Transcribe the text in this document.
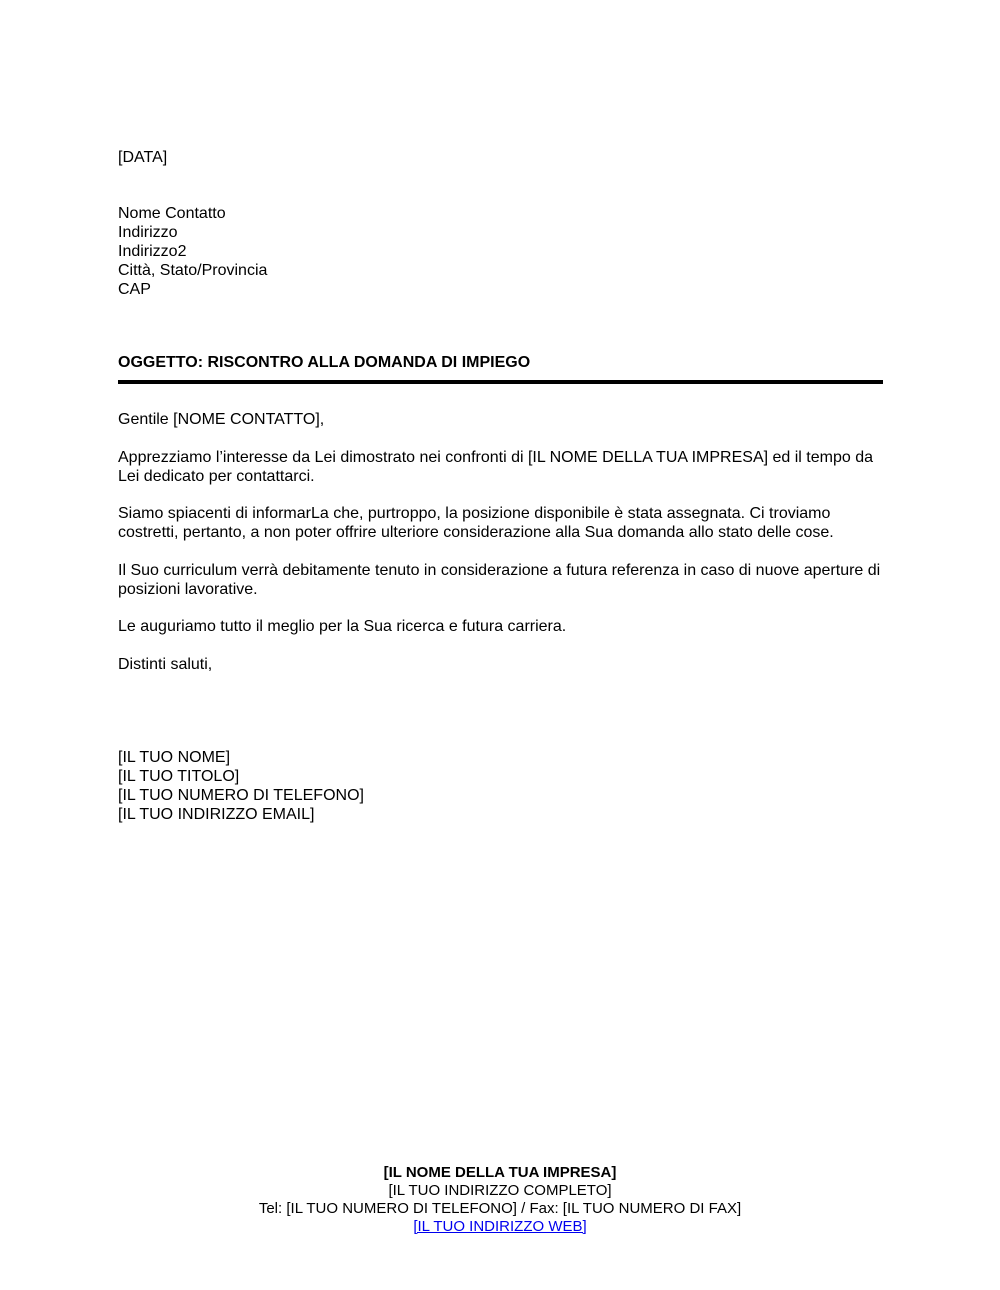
[DATA]
Nome Contatto
Indirizzo
Indirizzo2
Città, Stato/Provincia
CAP
OGGETTO: RISCONTRO ALLA DOMANDA DI IMPIEGO
Gentile [NOME CONTATTO],
Apprezziamo l’interesse da Lei dimostrato nei confronti di [IL NOME DELLA TUA IMPRESA] ed il tempo da Lei dedicato per contattarci.
Siamo spiacenti di informarLa che, purtroppo, la posizione disponibile è stata assegnata. Ci troviamo costretti, pertanto, a non poter offrire ulteriore considerazione alla Sua domanda allo stato delle cose.
Il Suo curriculum verrà debitamente tenuto in considerazione a futura referenza in caso di nuove aperture di posizioni lavorative.
Le auguriamo tutto il meglio per la Sua ricerca e futura carriera.
Distinti saluti,
[IL TUO NOME]
[IL TUO TITOLO]
[IL TUO NUMERO DI TELEFONO]
[IL TUO INDIRIZZO EMAIL]
[IL NOME DELLA TUA IMPRESA]
[IL TUO INDIRIZZO COMPLETO]
Tel: [IL TUO NUMERO DI TELEFONO] / Fax: [IL TUO NUMERO DI FAX]
[IL TUO INDIRIZZO WEB]
